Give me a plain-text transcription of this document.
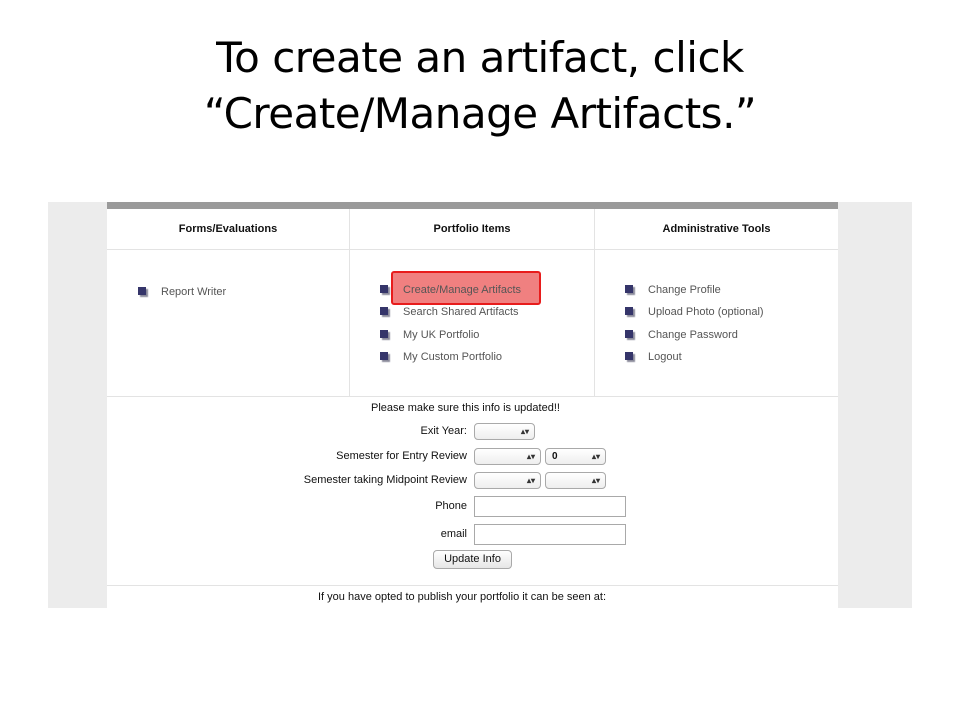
To create an artifact, click
“Create/Manage Artifacts.”
Forms/Evaluations
Report Writer
Portfolio Items
Create/Manage Artifacts
Search Shared Artifacts
My UK Portfolio
My Custom Portfolio
Administrative Tools
Change Profile
Upload Photo (optional)
Change Password
Logout
Please make sure this info is updated!!
Exit Year:	▴▾
Semester for Entry Review	▴▾	0	▴▾
Semester taking Midpoint Review	▴▾	▴▾
Phone
email
Update Info
If you have opted to publish your portfolio it can be seen at:
